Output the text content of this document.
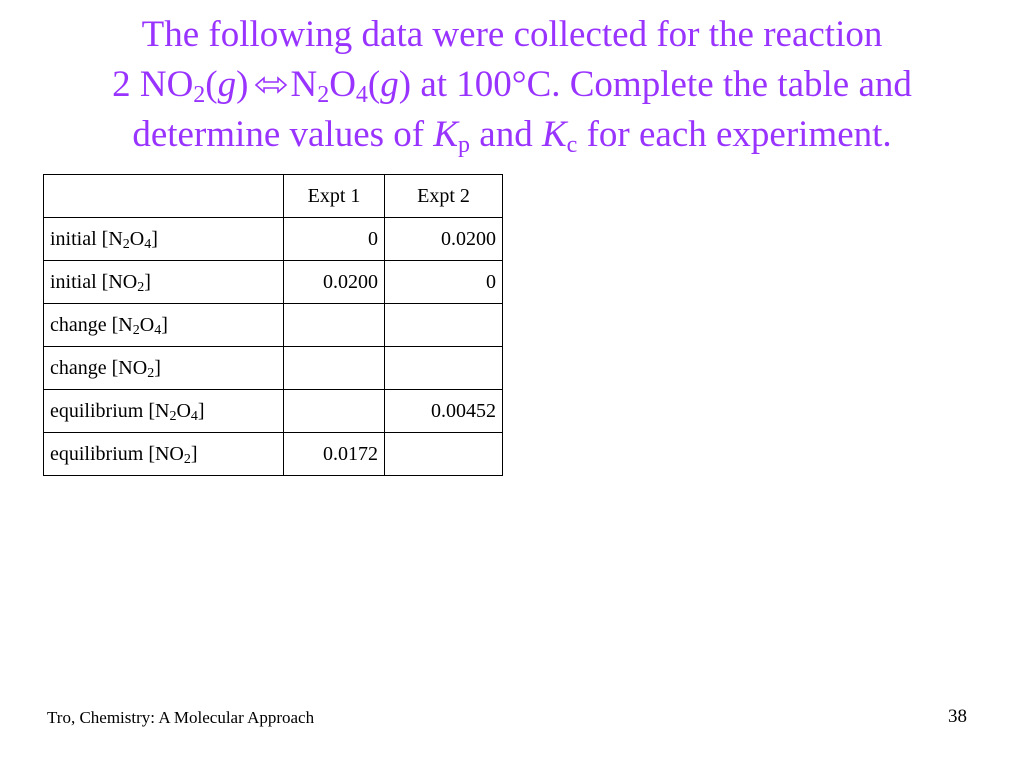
The following data were collected for the reaction
2 $NO_2(g)$ ⇌ $N_2O_4(g)$ at 100°C. Complete the table and
determine values of $K_p$ and $K_c$ for each experiment.
	Expt 1	Expt 2
initial $[N_2O_4]$	0	0.0200
initial $[NO_2]$	0.0200	0
change $[N_2O_4]$		
change $[NO_2]$		
equilibrium $[N_2O_4]$		0.00452
equilibrium $[NO_2]$	0.0172	
Tro, Chemistry: A Molecular Approach	38
